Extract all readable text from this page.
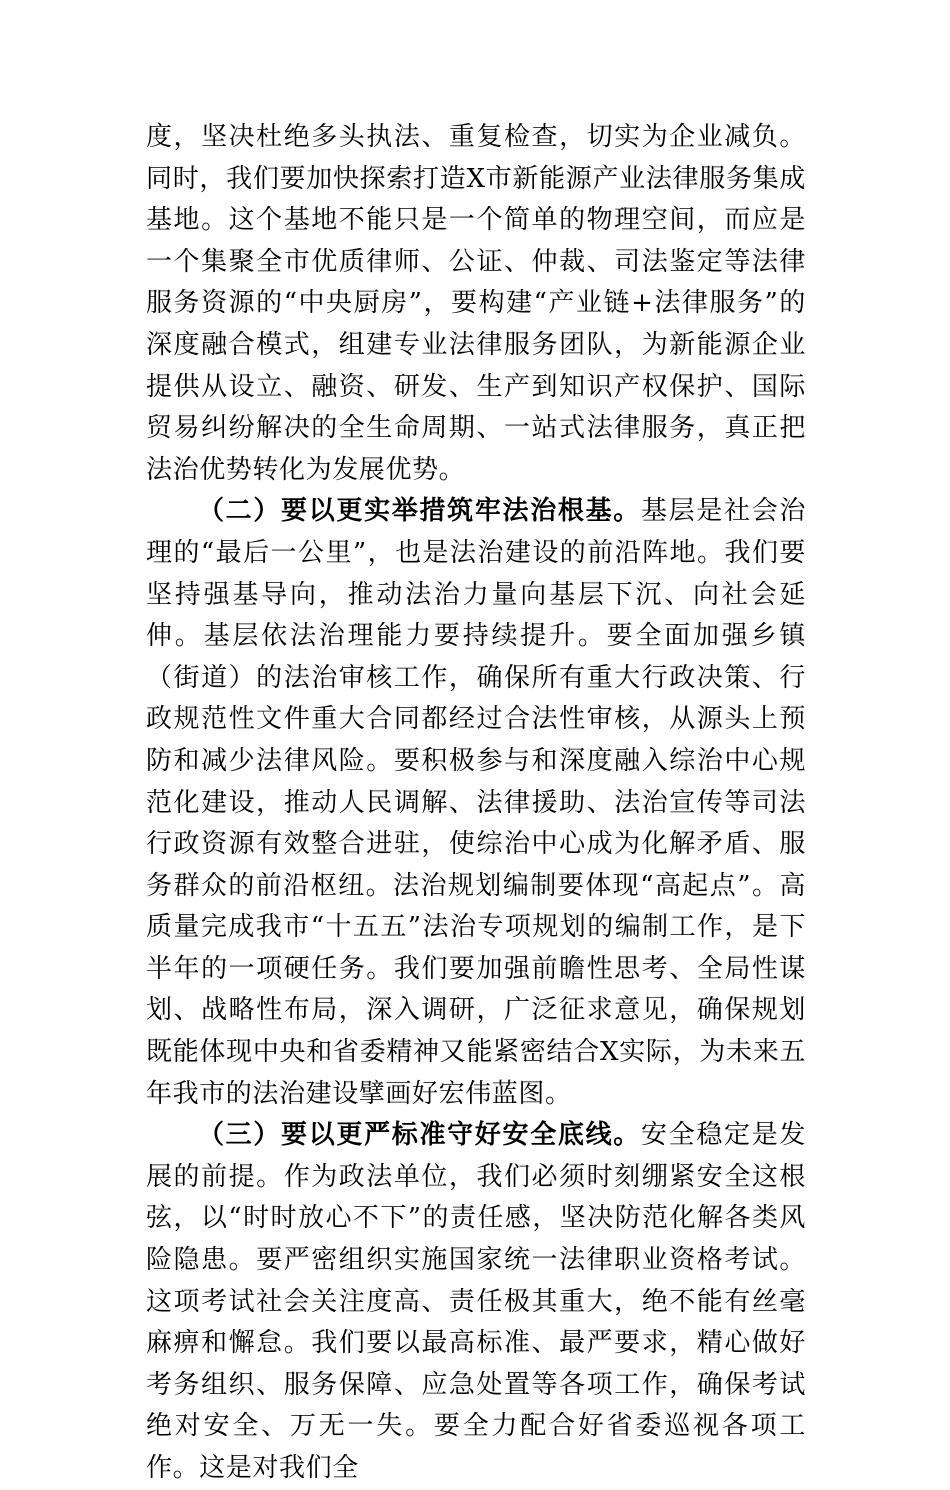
度，坚决杜绝多头执法、重复检查，切实为企业减负。同时，我们要加快探索打造X市新能源产业法律服务集成基地。这个基地不能只是一个简单的物理空间，而应是一个集聚全市优质律师、公证、仲裁、司法鉴定等法律服务资源的“中央厨房”，要构建“产业链+法律服务”的深度融合模式，组建专业法律服务团队，为新能源企业提供从设立、融资、研发、生产到知识产权保护、国际贸易纠纷解决的全生命周期、一站式法律服务，真正把法治优势转化为发展优势。

（二）要以更实举措筑牢法治根基。基层是社会治理的“最后一公里”，也是法治建设的前沿阵地。我们要坚持强基导向，推动法治力量向基层下沉、向社会延伸。基层依法治理能力要持续提升。要全面加强乡镇（街道）的法治审核工作，确保所有重大行政决策、行政规范性文件重大合同都经过合法性审核，从源头上预防和减少法律风险。要积极参与和深度融入综治中心规范化建设，推动人民调解、法律援助、法治宣传等司法行政资源有效整合进驻，使综治中心成为化解矛盾、服务群众的前沿枢纽。法治规划编制要体现“高起点”。高质量完成我市“十五五”法治专项规划的编制工作，是下半年的一项硬任务。我们要加强前瞻性思考、全局性谋划、战略性布局，深入调研，广泛征求意见，确保规划既能体现中央和省委精神又能紧密结合X实际，为未来五年我市的法治建设擘画好宏伟蓝图。

（三）要以更严标准守好安全底线。安全稳定是发展的前提。作为政法单位，我们必须时刻绷紧安全这根弦，以“时时放心不下”的责任感，坚决防范化解各类风险隐患。要严密组织实施国家统一法律职业资格考试。这项考试社会关注度高、责任极其重大，绝不能有丝毫麻痹和懈怠。我们要以最高标准、最严要求，精心做好考务组织、服务保障、应急处置等各项工作，确保考试绝对安全、万无一失。要全力配合好省委巡视各项工作。这是对我们全
